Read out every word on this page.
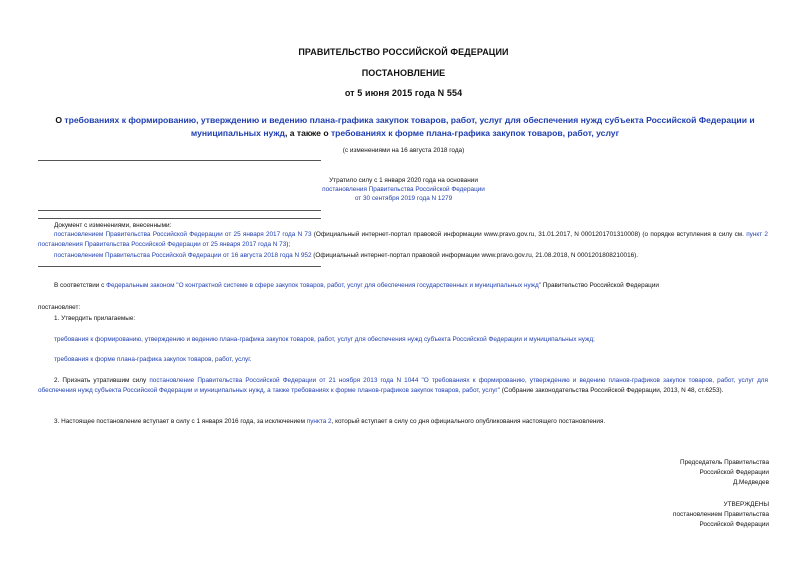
ПРАВИТЕЛЬСТВО РОССИЙСКОЙ ФЕДЕРАЦИИ
ПОСТАНОВЛЕНИЕ
от 5 июня 2015 года N 554
О требованиях к формированию, утверждению и ведению плана-графика закупок товаров, работ, услуг для обеспечения нужд субъекта Российской Федерации и муниципальных нужд, а также о требованиях к форме плана-графика закупок товаров, работ, услуг
(с изменениями на 16 августа 2018 года)
Утратило силу с 1 января 2020 года на основании
постановления Правительства Российской Федерации
от 30 сентября 2019 года N 1279
Документ с изменениями, внесенными:
постановлением Правительства Российской Федерации от 25 января 2017 года N 73 (Официальный интернет-портал правовой информации www.pravo.gov.ru, 31.01.2017, N 0001201701310008) (о порядке вступления в силу см. пункт 2 постановления Правительства Российской Федерации от 25 января 2017 года N 73);
постановлением Правительства Российской Федерации от 16 августа 2018 года N 952 (Официальный интернет-портал правовой информации www.pravo.gov.ru, 21.08.2018, N 0001201808210016).
В соответствии с Федеральным законом "О контрактной системе в сфере закупок товаров, работ, услуг для обеспечения государственных и муниципальных нужд" Правительство Российской Федерации
постановляет:
1. Утвердить прилагаемые:
требования к формированию, утверждению и ведению плана-графика закупок товаров, работ, услуг для обеспечения нужд субъекта Российской Федерации и муниципальных нужд;
требования к форме плана-графика закупок товаров, работ, услуг.
2. Признать утратившим силу постановление Правительства Российской Федерации от 21 ноября 2013 года N 1044 "О требованиях к формированию, утверждению и ведению планов-графиков закупок товаров, работ, услуг для обеспечения нужд субъекта Российской Федерации и муниципальных нужд, а также требованиях к форме планов-графиков закупок товаров, работ, услуг" (Собрание законодательства Российской Федерации, 2013, N 48, ст.6253).
3. Настоящее постановление вступает в силу с 1 января 2016 года, за исключением пункта 2, который вступает в силу со дня официального опубликования настоящего постановления.
Председатель Правительства
Российской Федерации
Д.Медведев
УТВЕРЖДЕНЫ
постановлением Правительства
Российской Федерации
